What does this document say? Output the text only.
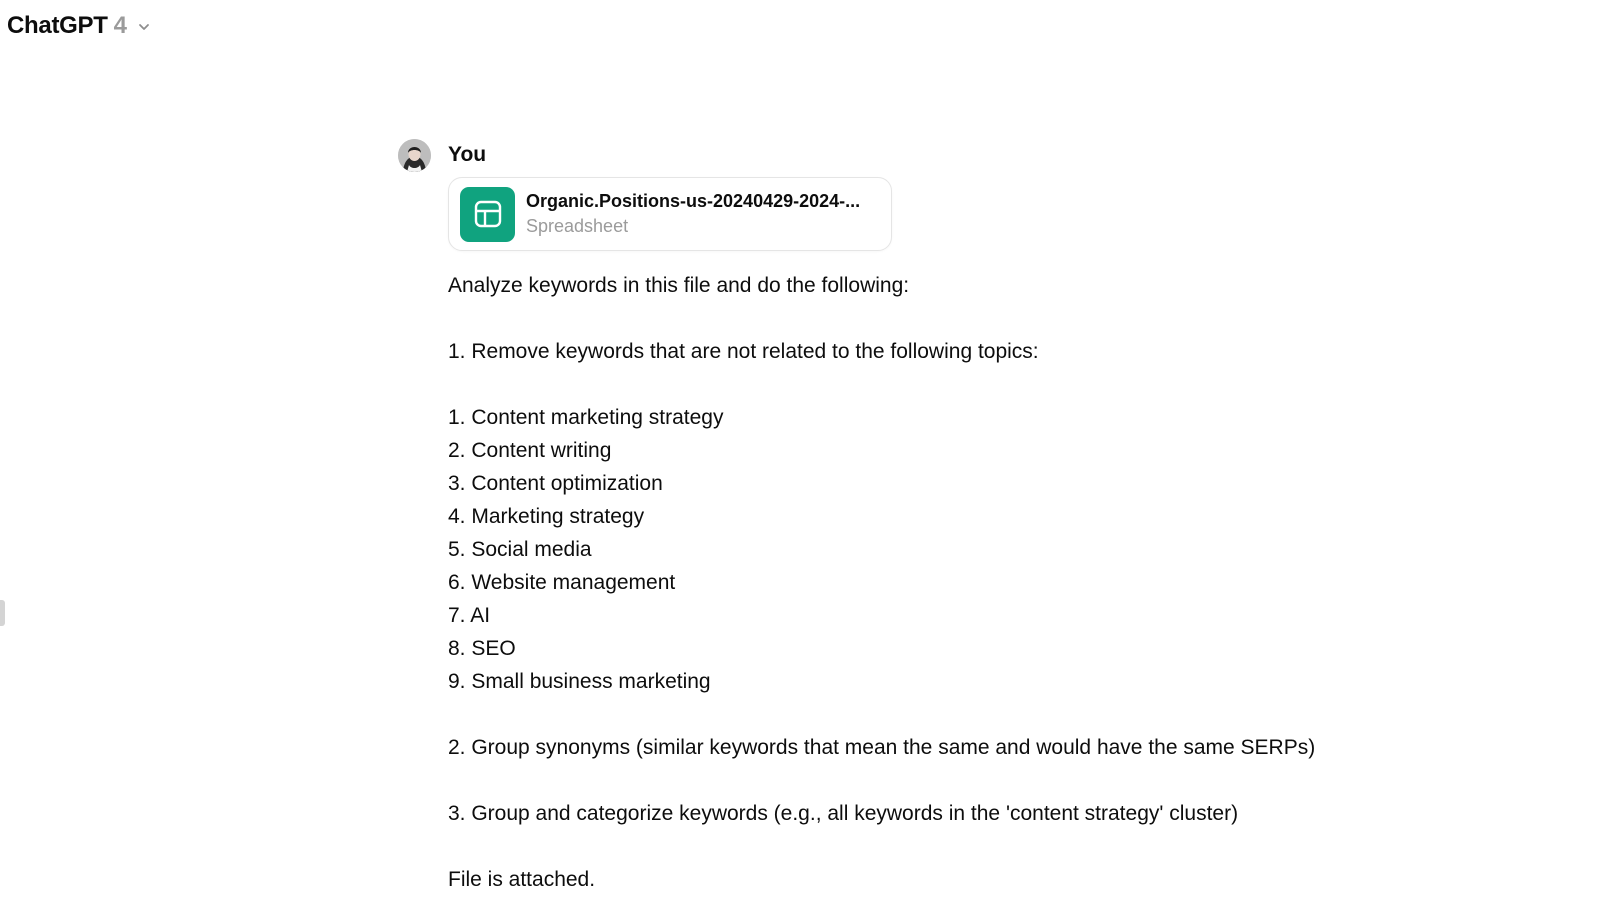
ChatGPT 4
You
Organic.Positions-us-20240429-2024-...
Spreadsheet

Analyze keywords in this file and do the following:

1. Remove keywords that are not related to the following topics:

1. Content marketing strategy
2. Content writing
3. Content optimization
4. Marketing strategy
5. Social media
6. Website management
7. AI
8. SEO
9. Small business marketing

2. Group synonyms (similar keywords that mean the same and would have the same SERPs)

3. Group and categorize keywords (e.g., all keywords in the 'content strategy' cluster)

File is attached.
